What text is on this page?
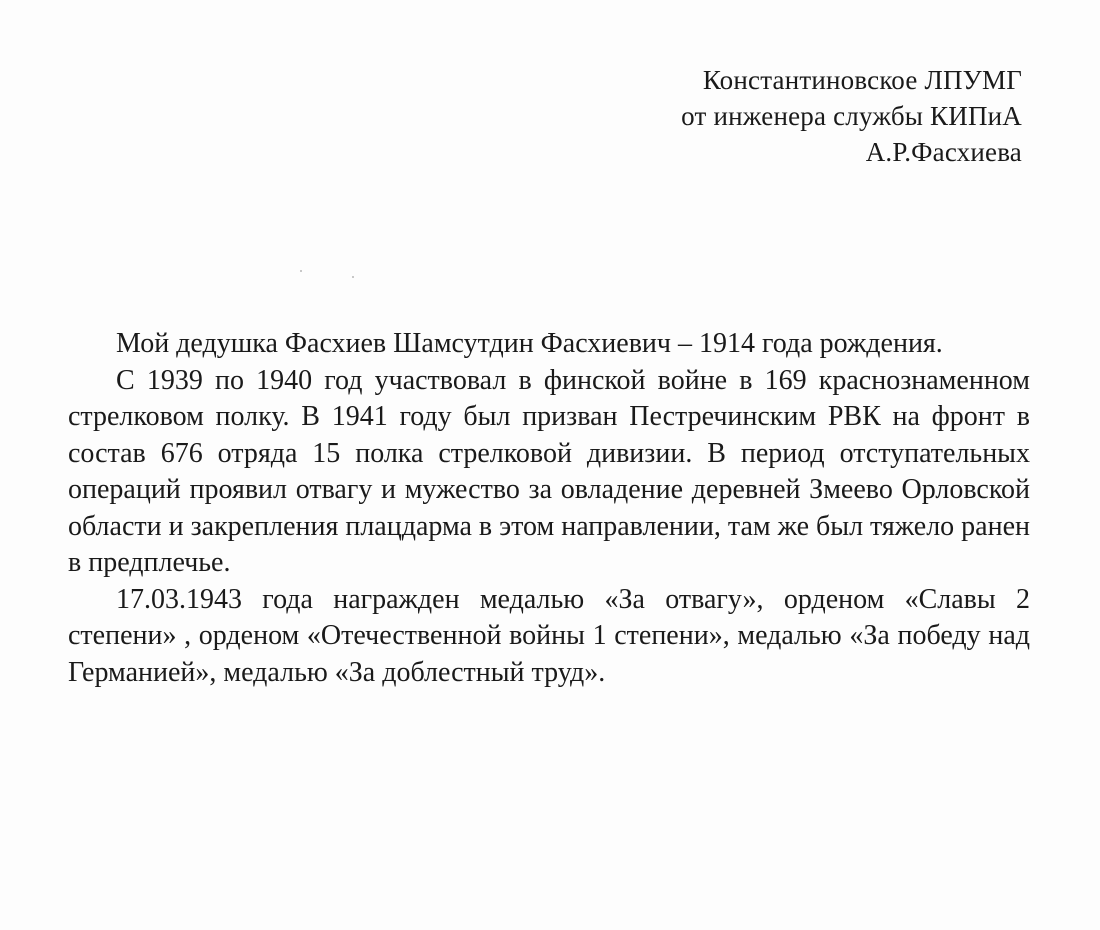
Константиновское ЛПУМГ
от инженера службы КИПиА
А.Р.Фасхиева

Мой дедушка Фасхиев Шамсутдин Фасхиевич – 1914 года рождения.

С 1939 по 1940 год участвовал в финской войне в 169 краснознаменном стрелковом полку. В 1941 году был призван Пестречинским РВК на фронт в состав 676 отряда 15 полка стрелковой дивизии. В период отступательных операций проявил отвагу и мужество за овладение деревней Змеево Орловской области и закрепления плацдарма в этом направлении, там же был тяжело ранен в предплечье.

17.03.1943 года награжден медалью «За отвагу», орденом «Славы 2 степени» , орденом «Отечественной войны 1 степени», медалью «За победу над Германией», медалью «За доблестный труд».
